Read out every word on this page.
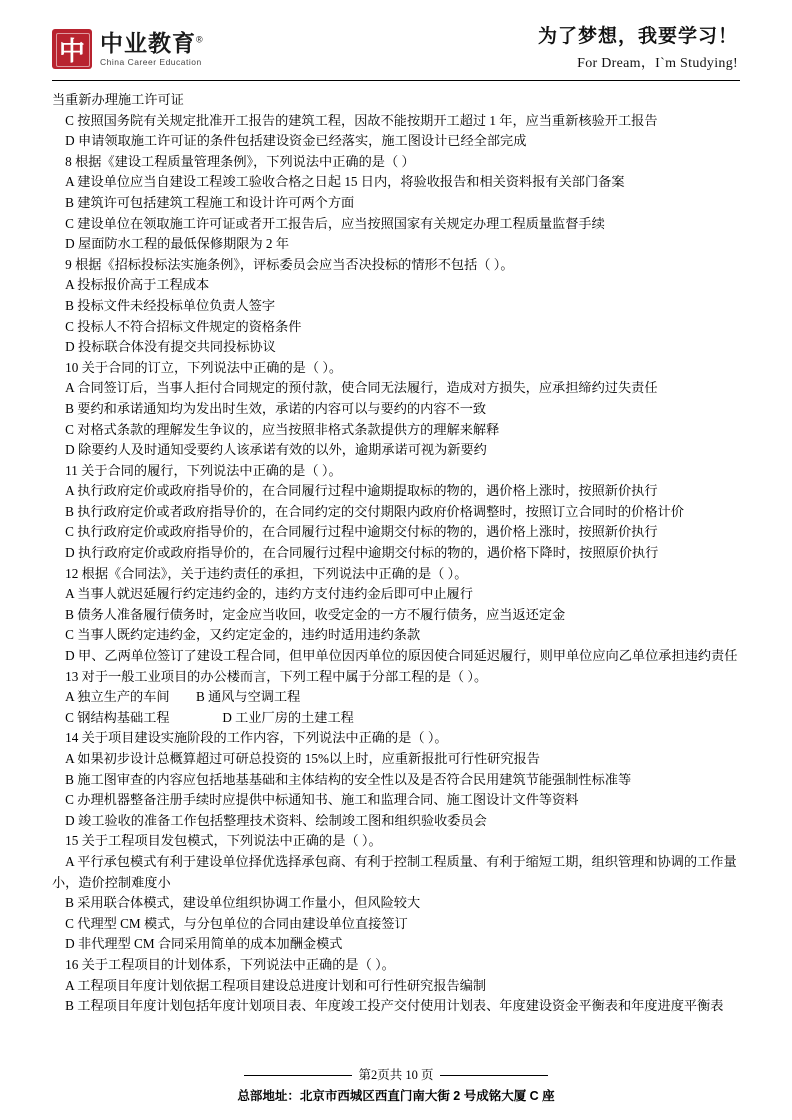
中 中业教育®
China Career Education
为了梦想，我要学习！
For Dream，I`m Studying!
当重新办理施工许可证
　C 按照国务院有关规定批准开工报告的建筑工程，因故不能按期开工超过 1 年，应当重新核验开工报告
　D 申请领取施工许可证的条件包括建设资金已经落实，施工图设计已经全部完成
　8 根据《建设工程质量管理条例》，下列说法中正确的是（ ）
　A 建设单位应当自建设工程竣工验收合格之日起 15 日内，将验收报告和相关资料报有关部门备案
　B 建筑许可包括建筑工程施工和设计许可两个方面
　C 建设单位在领取施工许可证或者开工报告后，应当按照国家有关规定办理工程质量监督手续
　D 屋面防水工程的最低保修期限为 2 年
　9 根据《招标投标法实施条例》，评标委员会应当否决投标的情形不包括（ ）。
　A 投标报价高于工程成本
　B 投标文件未经投标单位负责人签字
　C 投标人不符合招标文件规定的资格条件
　D 投标联合体没有提交共同投标协议
　10 关于合同的订立，下列说法中正确的是（ ）。
　A 合同签订后，当事人拒付合同规定的预付款，使合同无法履行，造成对方损失，应承担缔约过失责任
　B 要约和承诺通知均为发出时生效，承诺的内容可以与要约的内容不一致
　C 对格式条款的理解发生争议的，应当按照非格式条款提供方的理解来解释
　D 除要约人及时通知受要约人该承诺有效的以外，逾期承诺可视为新要约
　11 关于合同的履行，下列说法中正确的是（ ）。
　A 执行政府定价或政府指导价的，在合同履行过程中逾期提取标的物的，遇价格上涨时，按照新价执行
　B 执行政府定价或者政府指导价的，在合同约定的交付期限内政府价格调整时，按照订立合同时的价格计价
　C 执行政府定价或政府指导价的，在合同履行过程中逾期交付标的物的，遇价格上涨时，按照新价执行
　D 执行政府定价或政府指导价的，在合同履行过程中逾期交付标的物的，遇价格下降时，按照原价执行
　12 根据《合同法》，关于违约责任的承担，下列说法中正确的是（ ）。
　A 当事人就迟延履行约定违约金的，违约方支付违约金后即可中止履行
　B 债务人准备履行债务时，定金应当收回，收受定金的一方不履行债务，应当返还定金
　C 当事人既约定违约金，又约定定金的，违约时适用违约条款
　D 甲、乙两单位签订了建设工程合同，但甲单位因丙单位的原因使合同延迟履行，则甲单位应向乙单位承担违约责任
　13 对于一般工业项目的办公楼而言，下列工程中属于分部工程的是（ ）。
　A 独立生产的车间　　B 通风与空调工程
　C 钢结构基础工程　　　　D 工业厂房的土建工程
　14 关于项目建设实施阶段的工作内容，下列说法中正确的是（ ）。
　A 如果初步设计总概算超过可研总投资的 15%以上时，应重新报批可行性研究报告
　B 施工图审查的内容应包括地基基础和主体结构的安全性以及是否符合民用建筑节能强制性标准等
　C 办理机器整备注册手续时应提供中标通知书、施工和监理合同、施工图设计文件等资料
　D 竣工验收的准备工作包括整理技术资料、绘制竣工图和组织验收委员会
　15 关于工程项目发包模式，下列说法中正确的是（ ）。
　A 平行承包模式有利于建设单位择优选择承包商、有利于控制工程质量、有利于缩短工期，组织管理和协调的工作量小，造价控制难度小
　B 采用联合体模式，建设单位组织协调工作量小，但风险较大
　C 代理型 CM 模式，与分包单位的合同由建设单位直接签订
　D 非代理型 CM 合同采用简单的成本加酬金模式
　16 关于工程项目的计划体系，下列说法中正确的是（ ）。
　A 工程项目年度计划依据工程项目建设总进度计划和可行性研究报告编制
　B 工程项目年度计划包括年度计划项目表、年度竣工投产交付使用计划表、年度建设资金平衡表和年度进度平衡表
第2页共 10 页
总部地址：北京市西城区西直门南大街 2 号成铭大厦 C 座
